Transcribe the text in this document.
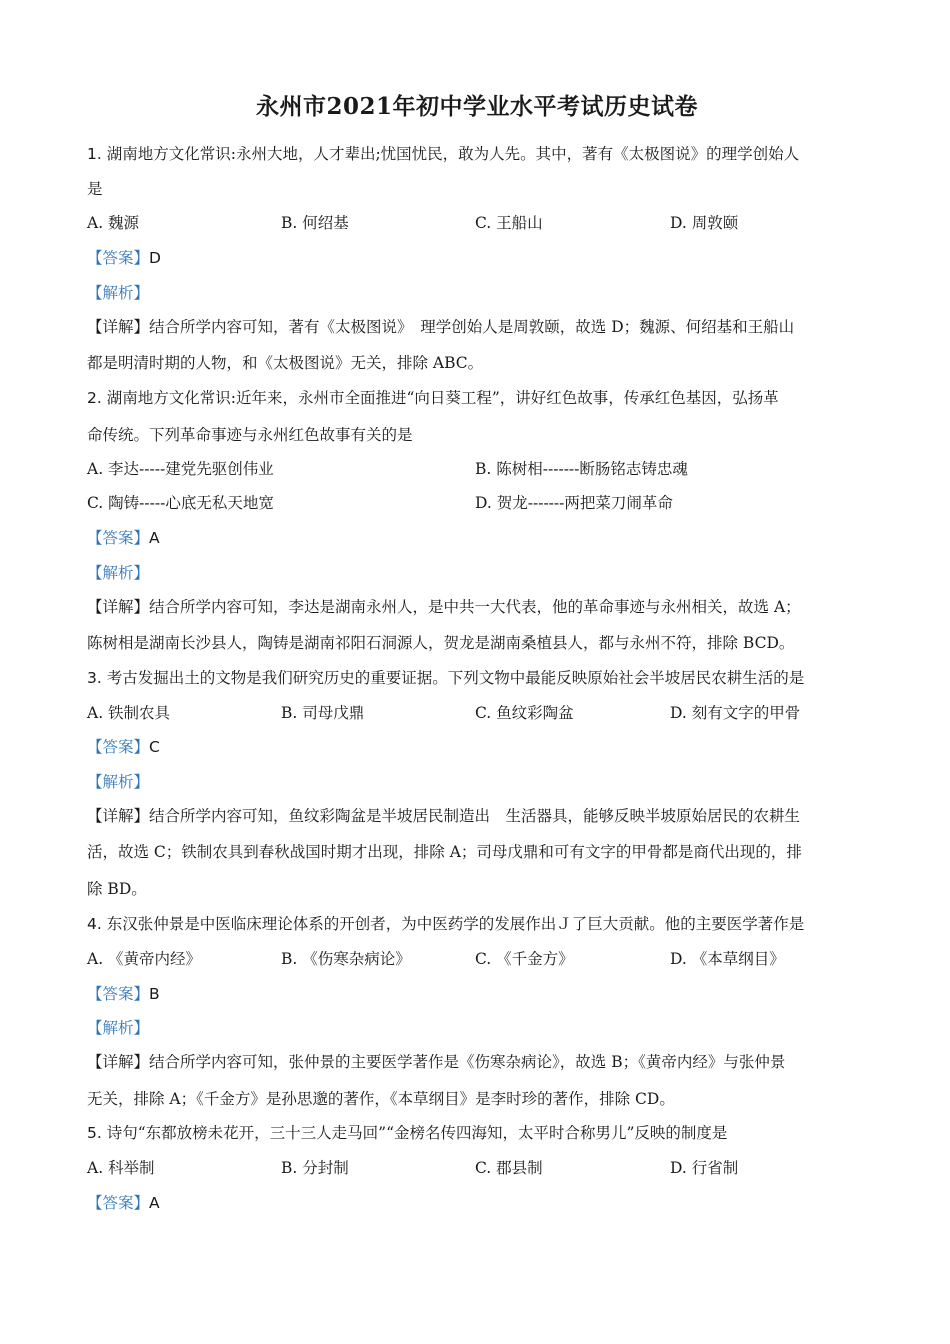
永州市2021年初中学业水平考试历史试卷
1. 湖南地方文化常识:永州大地，人才辈出;忧国忧民，敢为人先。其中，著有《太极图说》的理学创始人
是
A. 魏源	B. 何绍基	C. 王船山	D. 周敦颐
【答案】D
【解析】
【详解】结合所学内容可知，著有《太极图说》　理学创始人是周敦颐，故选 D；魏源、何绍基和王船山
都是明清时期的人物，和《太极图说》无关，排除 ABC。
2. 湖南地方文化常识:近年来，永州市全面推进“向日葵工程”，讲好红色故事，传承红色基因，弘扬革
命传统。下列革命事迹与永州红色故事有关的是
A. 李达-----建党先驱创伟业	B. 陈树相-------断肠铭志铸忠魂
C. 陶铸-----心底无私天地宽	D. 贺龙-------两把菜刀闹革命
【答案】A
【解析】
【详解】结合所学内容可知，李达是湖南永州人，是中共一大代表，他的革命事迹与永州相关，故选 A；
陈树相是湖南长沙县人，陶铸是湖南祁阳石洞源人，贺龙是湖南桑植县人，都与永州不符，排除 BCD。
3. 考古发掘出土的文物是我们研究历史的重要证据。下列文物中最能反映原始社会半坡居民农耕生活的是
A. 铁制农具	B. 司母戊鼎	C. 鱼纹彩陶盆	D. 刻有文字的甲骨
【答案】C
【解析】
【详解】结合所学内容可知，鱼纹彩陶盆是半坡居民制造出　生活器具，能够反映半坡原始居民的农耕生
活，故选 C；铁制农具到春秋战国时期才出现，排除 A；司母戊鼎和可有文字的甲骨都是商代出现的，排
除 BD。
4. 东汉张仲景是中医临床理论体系的开创者，为中医药学的发展作出Ｊ了巨大贡献。他的主要医学著作是
A. 《黄帝内经》	B. 《伤寒杂病论》	C. 《千金方》	D. 《本草纲目》
【答案】B
【解析】
【详解】结合所学内容可知，张仲景的主要医学著作是《伤寒杂病论》，故选 B；《黄帝内经》与张仲景
无关，排除 A；《千金方》是孙思邈的著作，《本草纲目》是李时珍的著作，排除 CD。
5. 诗句“东都放榜未花开，三十三人走马回”“金榜名传四海知，太平时合称男儿”反映的制度是
A. 科举制	B. 分封制	C. 郡县制	D. 行省制
【答案】A
